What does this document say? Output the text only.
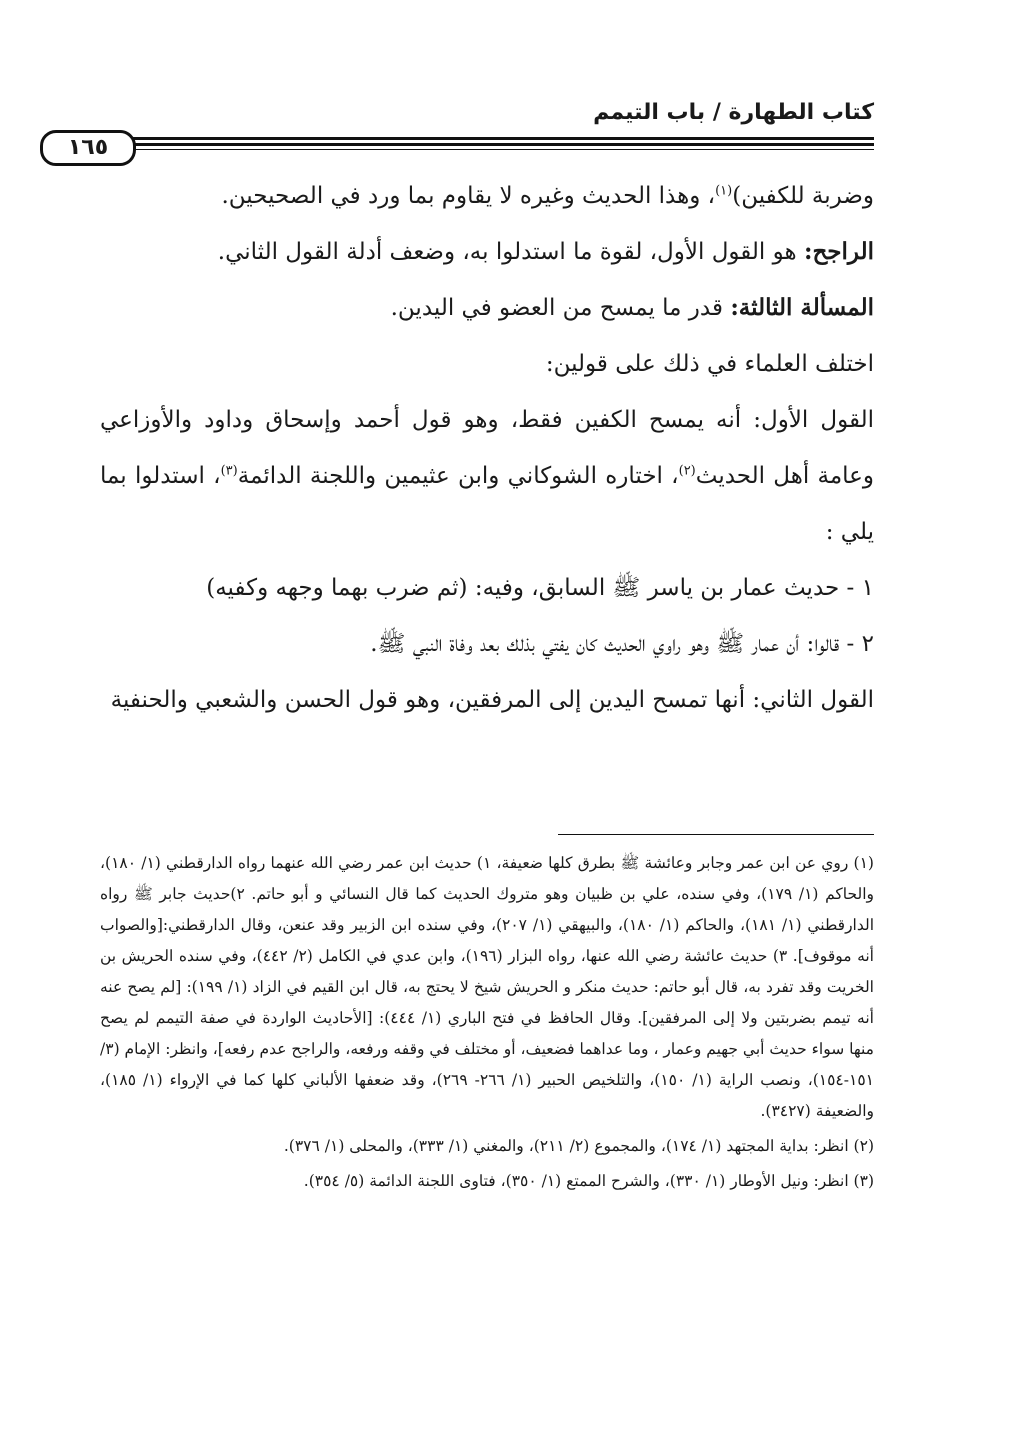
كتاب الطهارة / باب التيمم
١٦٥

وضربة للكفين)$^{(١)}$، وهذا الحديث وغيره لا يقاوم بما ورد في الصحيحين.

الراجح: هو القول الأول، لقوة ما استدلوا به، وضعف أدلة القول الثاني.

المسألة الثالثة: قدر ما يمسح من العضو في اليدين.

اختلف العلماء في ذلك على قولين:

القول الأول: أنه يمسح الكفين فقط، وهو قول أحمد وإسحاق وداود والأوزاعي وعامة أهل الحديث$^{(٢)}$، اختاره الشوكاني وابن عثيمين واللجنة الدائمة$^{(٣)}$، استدلوا بما يلي :

١ - حديث عمار بن ياسر ﷺ السابق، وفيه: (ثم ضرب بهما وجهه وكفيه)

٢ - قالوا: أن عمار ﷺ وهو راوي الحديث كان يفتي بذلك بعد وفاة النبي ﷺ.

القول الثاني: أنها تمسح اليدين إلى المرفقين، وهو قول الحسن والشعبي والحنفية

(١) روي عن ابن عمر وجابر وعائشة ﷺ بطرق كلها ضعيفة، ١) حديث ابن عمر رضي الله عنهما رواه الدارقطني (١/ ١٨٠)، والحاكم (١/ ١٧٩)، وفي سنده، علي بن ظبيان وهو متروك الحديث كما قال النسائي و أبو حاتم. ٢)حديث جابر ﷺ رواه الدارقطني (١/ ١٨١)، والحاكم (١/ ١٨٠)، والبيهقي (١/ ٢٠٧)، وفي سنده ابن الزبير وقد عنعن، وقال الدارقطني:[والصواب أنه موقوف]. ٣) حديث عائشة رضي الله عنها، رواه البزار (١٩٦)، وابن عدي في الكامل (٢/ ٤٤٢)، وفي سنده الحريش بن الخريت وقد تفرد به، قال أبو حاتم: حديث منكر و الحريش شيخ لا يحتج به، قال ابن القيم في الزاد (١/ ١٩٩): [لم يصح عنه أنه تيمم بضربتين ولا إلى المرفقين]. وقال الحافظ في فتح الباري (١/ ٤٤٤): [الأحاديث الواردة في صفة التيمم لم يصح منها سواء حديث أبي جهيم وعمار ، وما عداهما فضعيف، أو مختلف في وقفه ورفعه، والراجح عدم رفعه]، وانظر: الإمام (٣/ ١٥١-١٥٤)، ونصب الراية (١/ ١٥٠)، والتلخيص الحبير (١/ ٢٦٦- ٢٦٩)، وقد ضعفها الألباني كلها كما في الإرواء (١/ ١٨٥)، والضعيفة (٣٤٢٧).

(٢) انظر: بداية المجتهد (١/ ١٧٤)، والمجموع (٢/ ٢١١)، والمغني (١/ ٣٣٣)، والمحلى (١/ ٣٧٦).

(٣) انظر: ونيل الأوطار (١/ ٣٣٠)، والشرح الممتع (١/ ٣٥٠)، فتاوى اللجنة الدائمة (٥/ ٣٥٤).
